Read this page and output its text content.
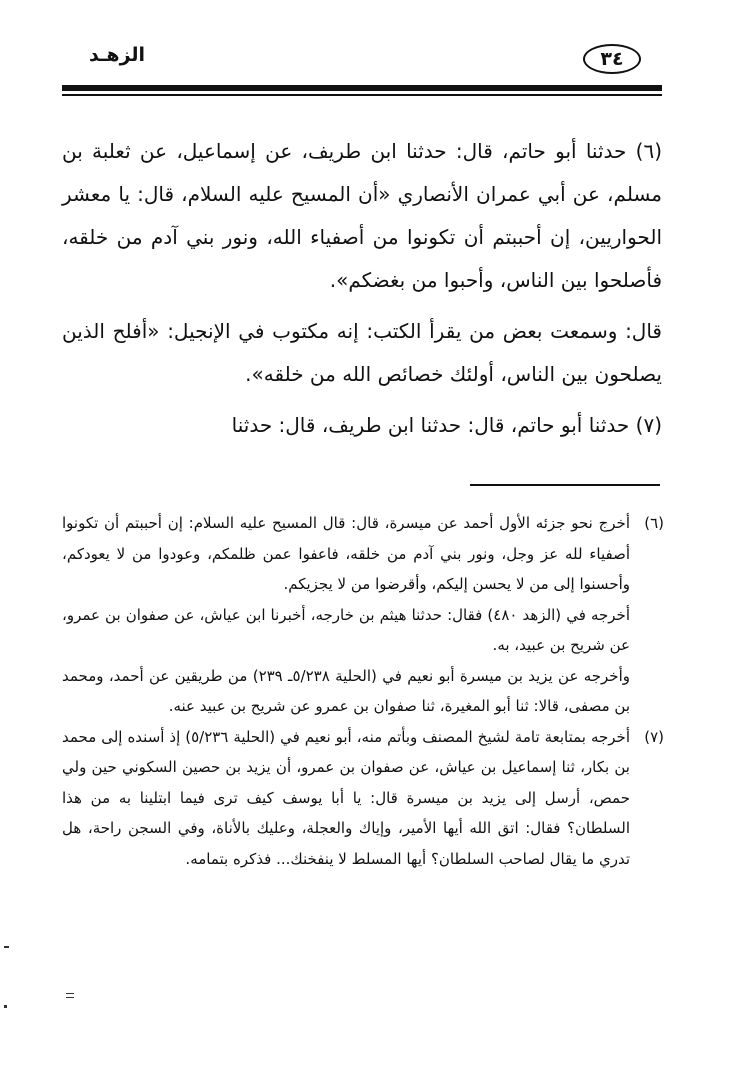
الزهـد	٣٤

(٦) حدثنا أبو حاتم، قال: حدثنا ابن طريف، عن إسماعيل، عن ثعلبة بن مسلم، عن أبي عمران الأنصاري «أن المسيح عليه السلام، قال: يا معشر الحواريين، إن أحببتم أن تكونوا من أصفياء الله، ونور بني آدم من خلقه، فأصلحوا بين الناس، وأحبوا من بغضكم».

قال: وسمعت بعض من يقرأ الكتب: إنه مكتوب في الإنجيل: «أفلح الذين يصلحون بين الناس، أولئك خصائص الله من خلقه».

(٧) حدثنا أبو حاتم، قال: حدثنا ابن طريف، قال: حدثنا

(٦)

أخرج نحو جزئه الأول أحمد عن ميسرة، قال: قال المسيح عليه السلام: إن أحببتم أن تكونوا أصفياء لله عز وجل، ونور بني آدم من خلقه، فاعفوا عمن ظلمكم، وعودوا من لا يعودكم، وأحسنوا إلى من لا يحسن إليكم، وأقرضوا من لا يجزيكم.

أخرجه في (الزهد ٤٨٠) فقال: حدثنا هيثم بن خارجه، أخبرنا ابن عياش، عن صفوان بن عمرو، عن شريح بن عبيد، به.

وأخرجه عن يزيد بن ميسرة أبو نعيم في (الحلية ٥/٢٣٨ـ ٢٣٩) من طريقين عن أحمد، ومحمد بن مصفى، قالا: ثنا أبو المغيرة، ثنا صفوان بن عمرو عن شريح بن عبيد عنه.

(٧)

أخرجه بمتابعة تامة لشيخ المصنف وبأتم منه، أبو نعيم في (الحلية ٥/٢٣٦) إذ أسنده إلى محمد بن بكار، ثنا إسماعيل بن عياش، عن صفوان بن عمرو، أن يزيد بن حصين السكوني حين ولي حمص، أرسل إلى يزيد بن ميسرة قال: يا أبا يوسف كيف ترى فيما ابتلينا به من هذا السلطان؟ فقال: اتق الله أيها الأمير، وإياك والعجلة، وعليك بالأناة، وفي السجن راحة، هل تدري ما يقال لصاحب السلطان؟ أيها المسلط لا ينفخنك... فذكره بتمامه.
